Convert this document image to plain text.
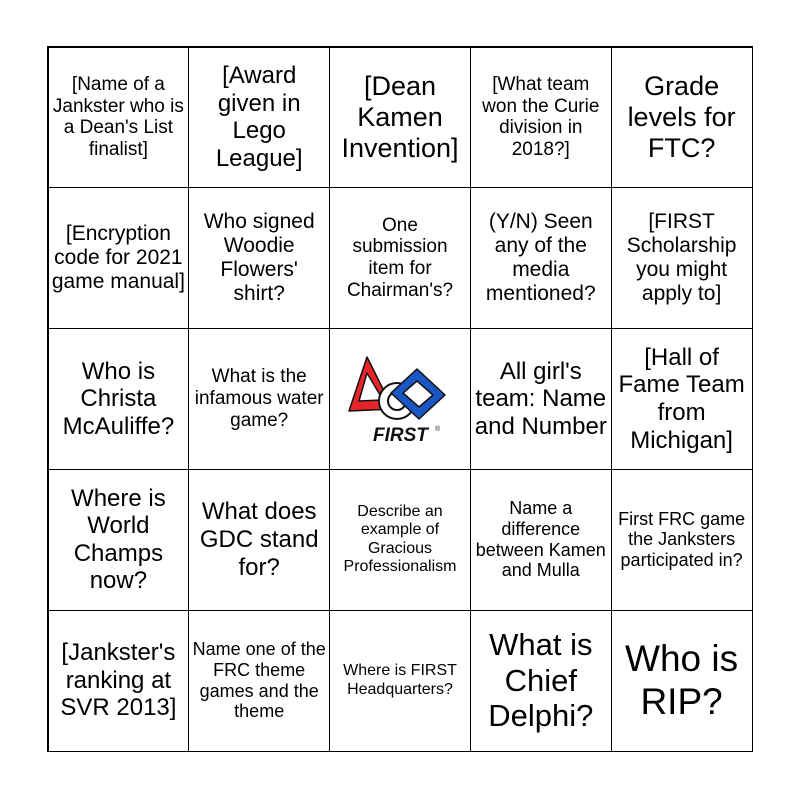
[Name of a Jankster who is a Dean's List finalist]
[Award given in Lego League]
[Dean Kamen Invention]
[What team won the Curie division in 2018?]
Grade levels for FTC?
[Encryption code for 2021 game manual]
Who signed Woodie Flowers' shirt?
One submission item for Chairman's?
(Y/N) Seen any of the media mentioned?
[FIRST Scholarship you might apply to]
Who is Christa McAuliffe?
What is the infamous water game?
FIRST ®
All girl's team: Name and Number
[Hall of Fame Team from Michigan]
Where is World Champs now?
What does GDC stand for?
Describe an example of Gracious Professionalism
Name a difference between Kamen and Mulla
First FRC game the Janksters participated in?
[Jankster's ranking at SVR 2013]
Name one of the FRC theme games and the theme
Where is FIRST Headquarters?
What is Chief Delphi?
Who is RIP?
